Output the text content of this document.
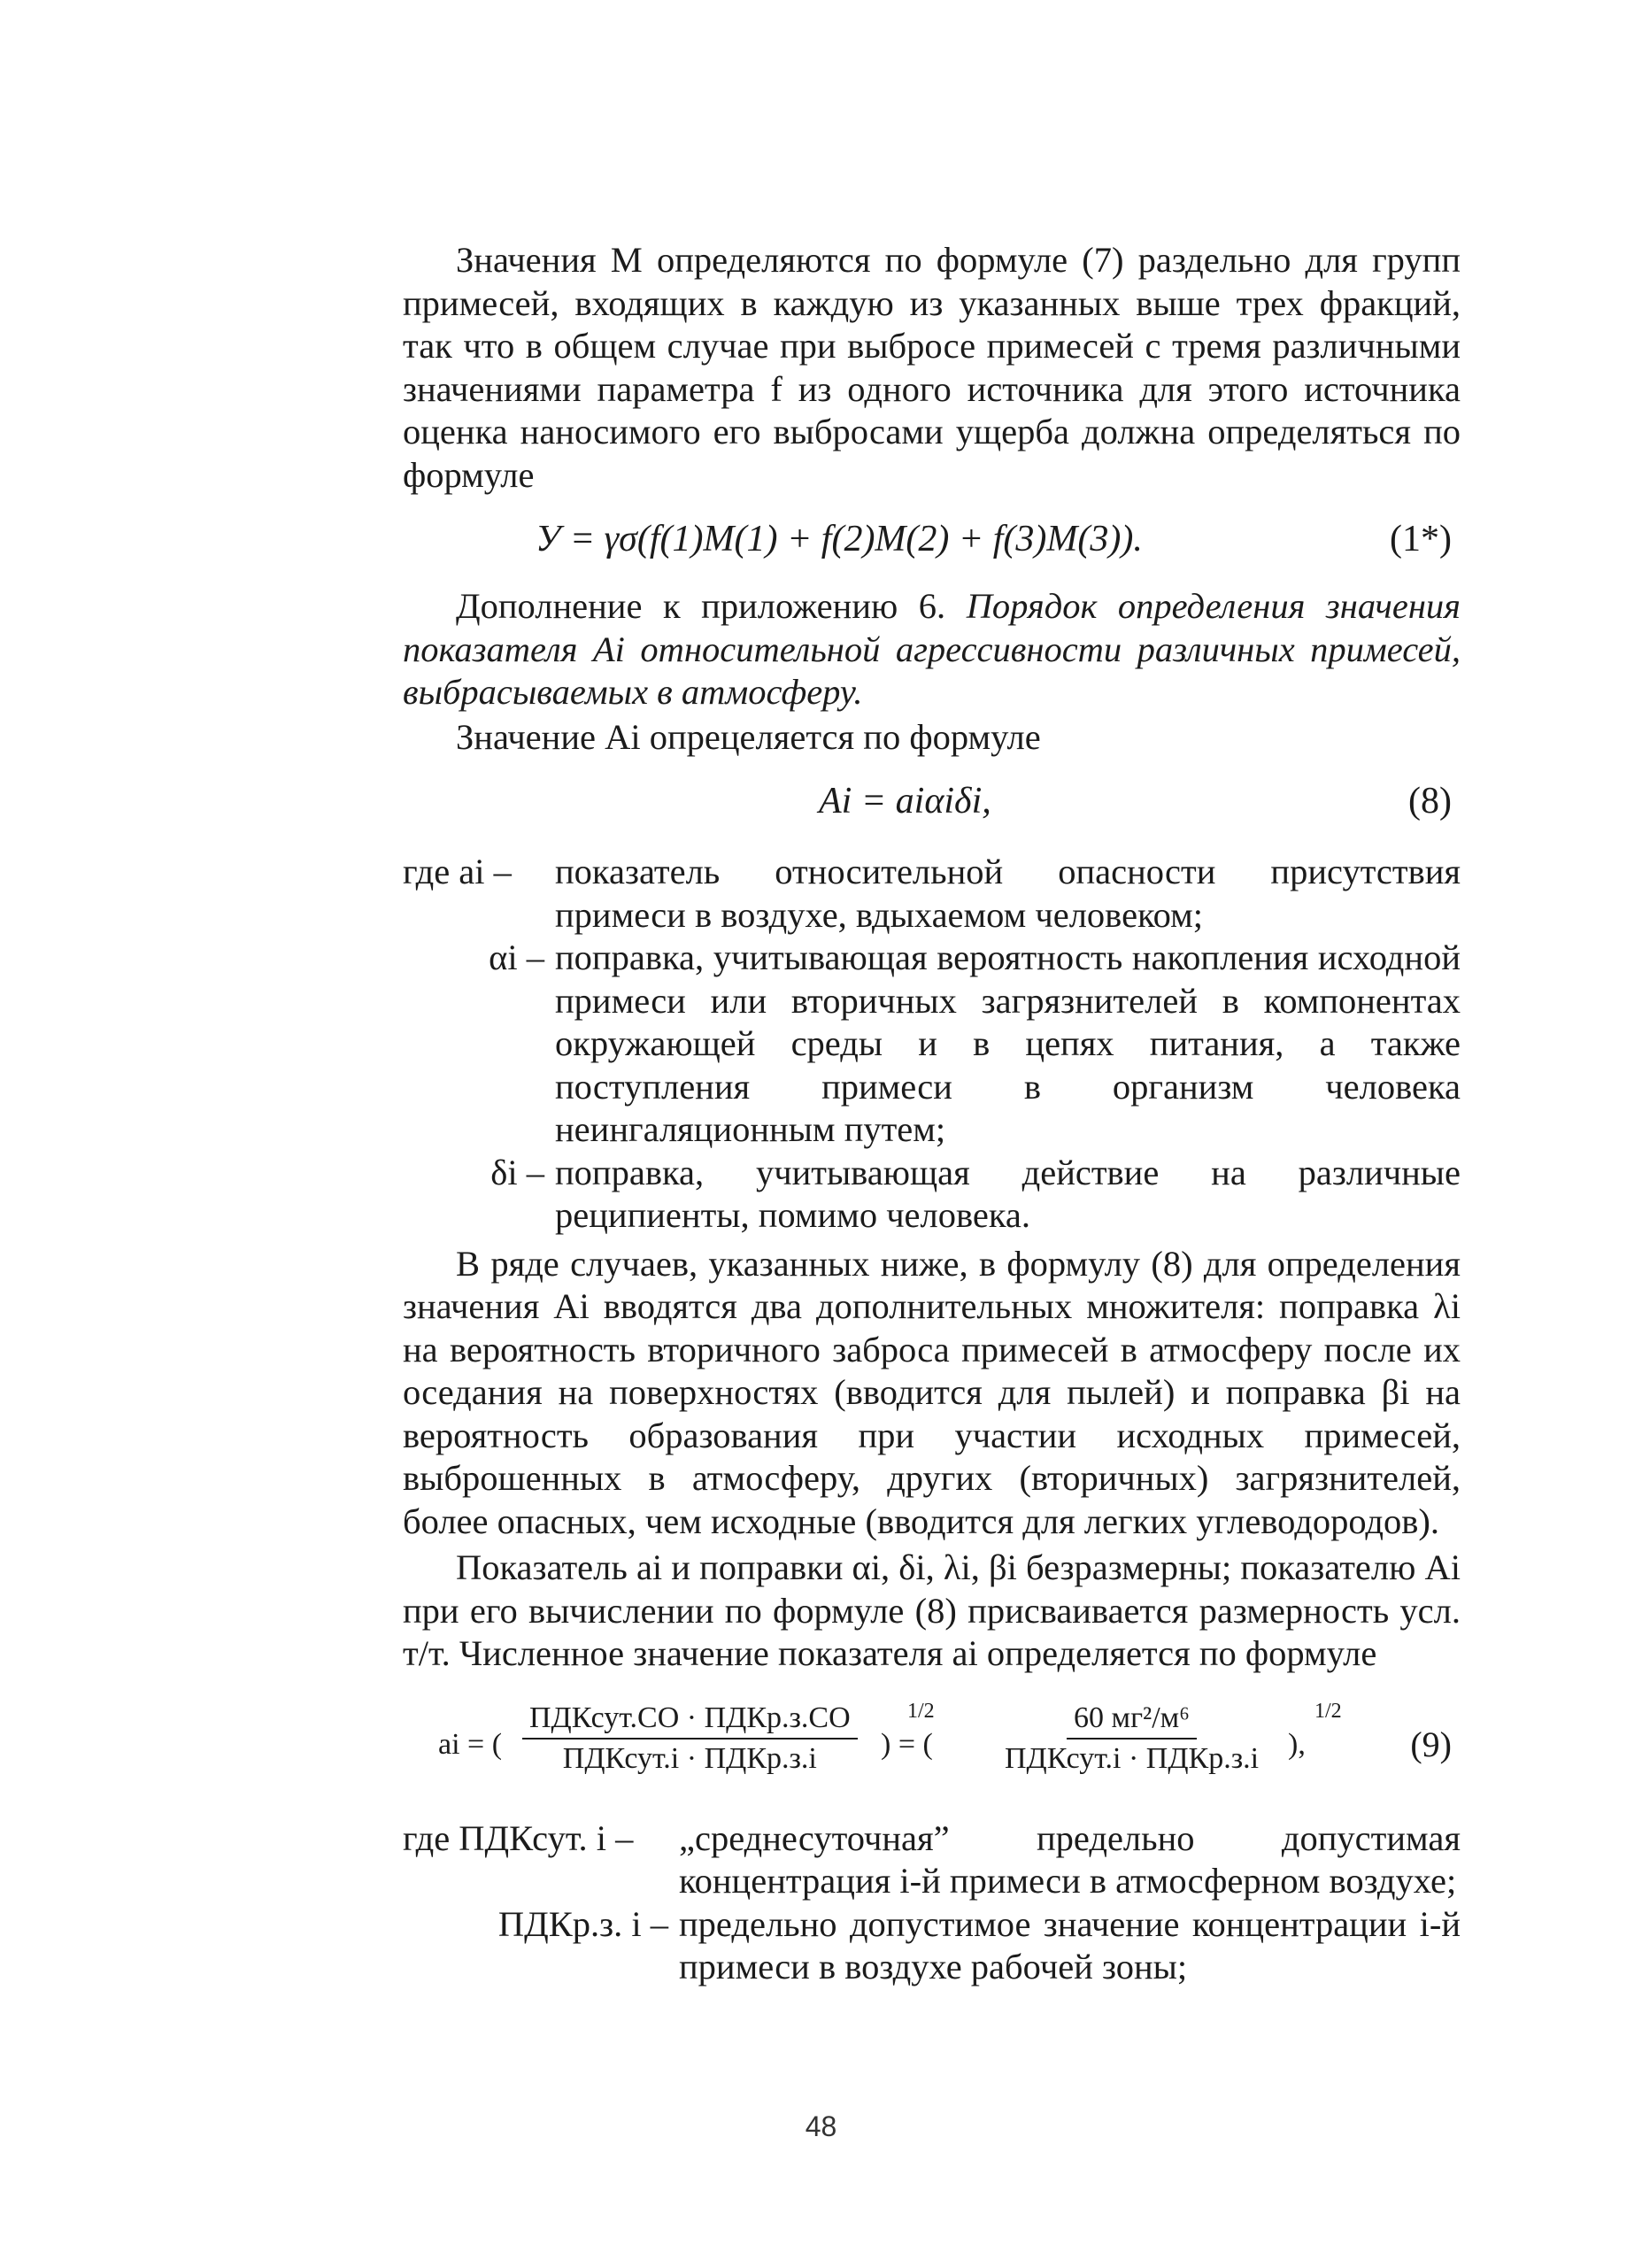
Значения M определяются по формуле (7) раздельно для групп примесей, входящих в каждую из указанных выше трех фракций, так что в общем случае при выбросе примесей с тремя различными значениями параметра f из одного источника для этого источника оценка наносимого его выбросами ущерба должна определяться по формуле

У = γσ(f(1)M(1) + f(2)M(2) + f(3)M(3)).	(1*)

Дополнение к приложению 6. Порядок определения значения показателя Ai относительной агрессивности различных примесей, выбрасываемых в атмосферу.

Значение Ai опрецеляется по формуле

Ai = aiαiδi,	(8)
где ai –	показатель относительной опасности присутствия примеси в воздухе, вдыхаемом человеком;
αi – поправка, учитывающая вероятность накопления исходной примеси или вторичных загрязнителей в компонентах окружающей среды и в цепях питания, а также поступления примеси в организм человека неингаляционным путем;
δi – поправка, учитывающая действие на различные реципиенты, помимо человека.

В ряде случаев, указанных ниже, в формулу (8) для определения значения Ai вводятся два дополнительных множителя: поправка λi на вероятность вторичного заброса примесей в атмосферу после их оседания на поверхностях (вводится для пылей) и поправка βi на вероятность образования при участии исходных примесей, выброшенных в атмосферу, других (вторичных) загрязнителей, более опасных, чем исходные (вводится для легких углеводородов).

Показатель ai и поправки αi, δi, λi, βi безразмерны; показателю Ai при его вычислении по формуле (8) присваивается размерность усл. т/т. Численное значение показателя ai определяется по формуле

ai = (
ПДКсут.СО · ПДКр.з.СО
ПДКсут.i · ПДКр.з.i
1/2
) = (
60 мг²/м⁶
ПДКсут.i · ПДКр.з.i
1/2
),	(9)
где ПДКсут. i –	„среднесуточная” предельно допустимая концентрация i-й примеси в атмосферном воздухе;
ПДКр.з. i – предельно допустимое значение концентрации i-й примеси в воздухе рабочей зоны;
48
